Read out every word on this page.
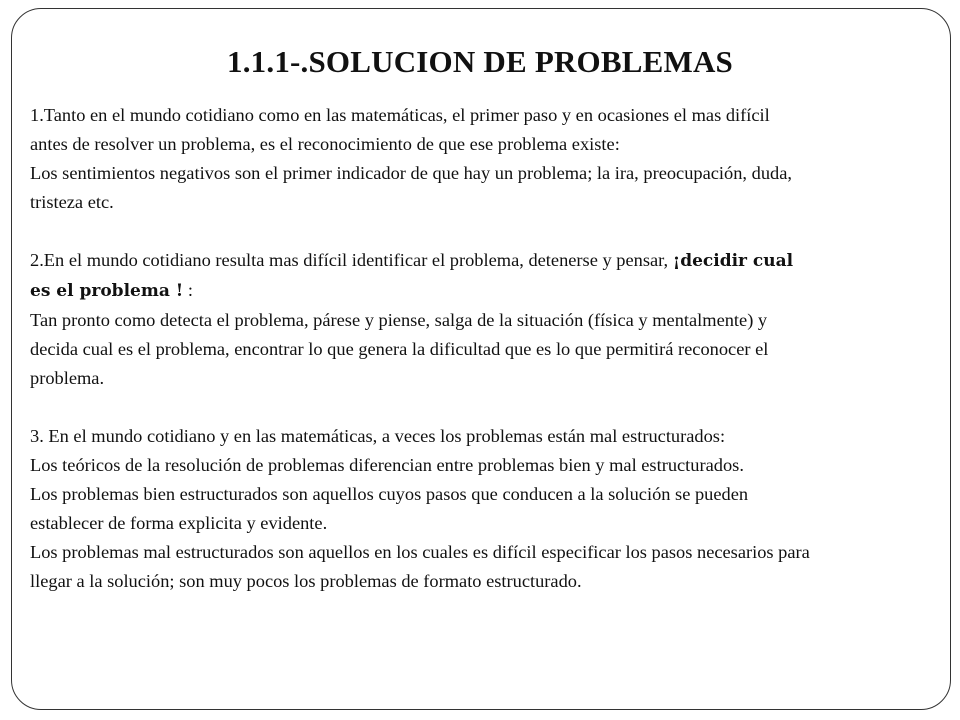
1.1.1-.SOLUCION DE PROBLEMAS
1.Tanto en el mundo cotidiano como en las matemáticas, el primer paso y en ocasiones el mas difícil
antes de resolver un problema, es el reconocimiento de que ese problema existe:
Los sentimientos negativos son el primer indicador de que hay un problema; la ira, preocupación, duda,
tristeza etc.
2.En el mundo cotidiano resulta mas difícil identificar el problema, detenerse y pensar, ¡decidir cual
es el problema ! :
Tan pronto como detecta el problema, párese y piense, salga de la situación (física y mentalmente) y
decida cual es el problema, encontrar lo que genera la dificultad que es lo que permitirá reconocer el
problema.
3. En el mundo cotidiano y en las matemáticas, a veces los problemas están mal estructurados:
Los teóricos de la resolución de problemas diferencian entre problemas bien y mal estructurados.
Los problemas bien estructurados son aquellos cuyos pasos que conducen a la solución se pueden
establecer de forma explicita y evidente.
Los problemas mal estructurados son aquellos en los cuales es difícil especificar los pasos necesarios para
llegar a la solución; son muy pocos los problemas de formato estructurado.
